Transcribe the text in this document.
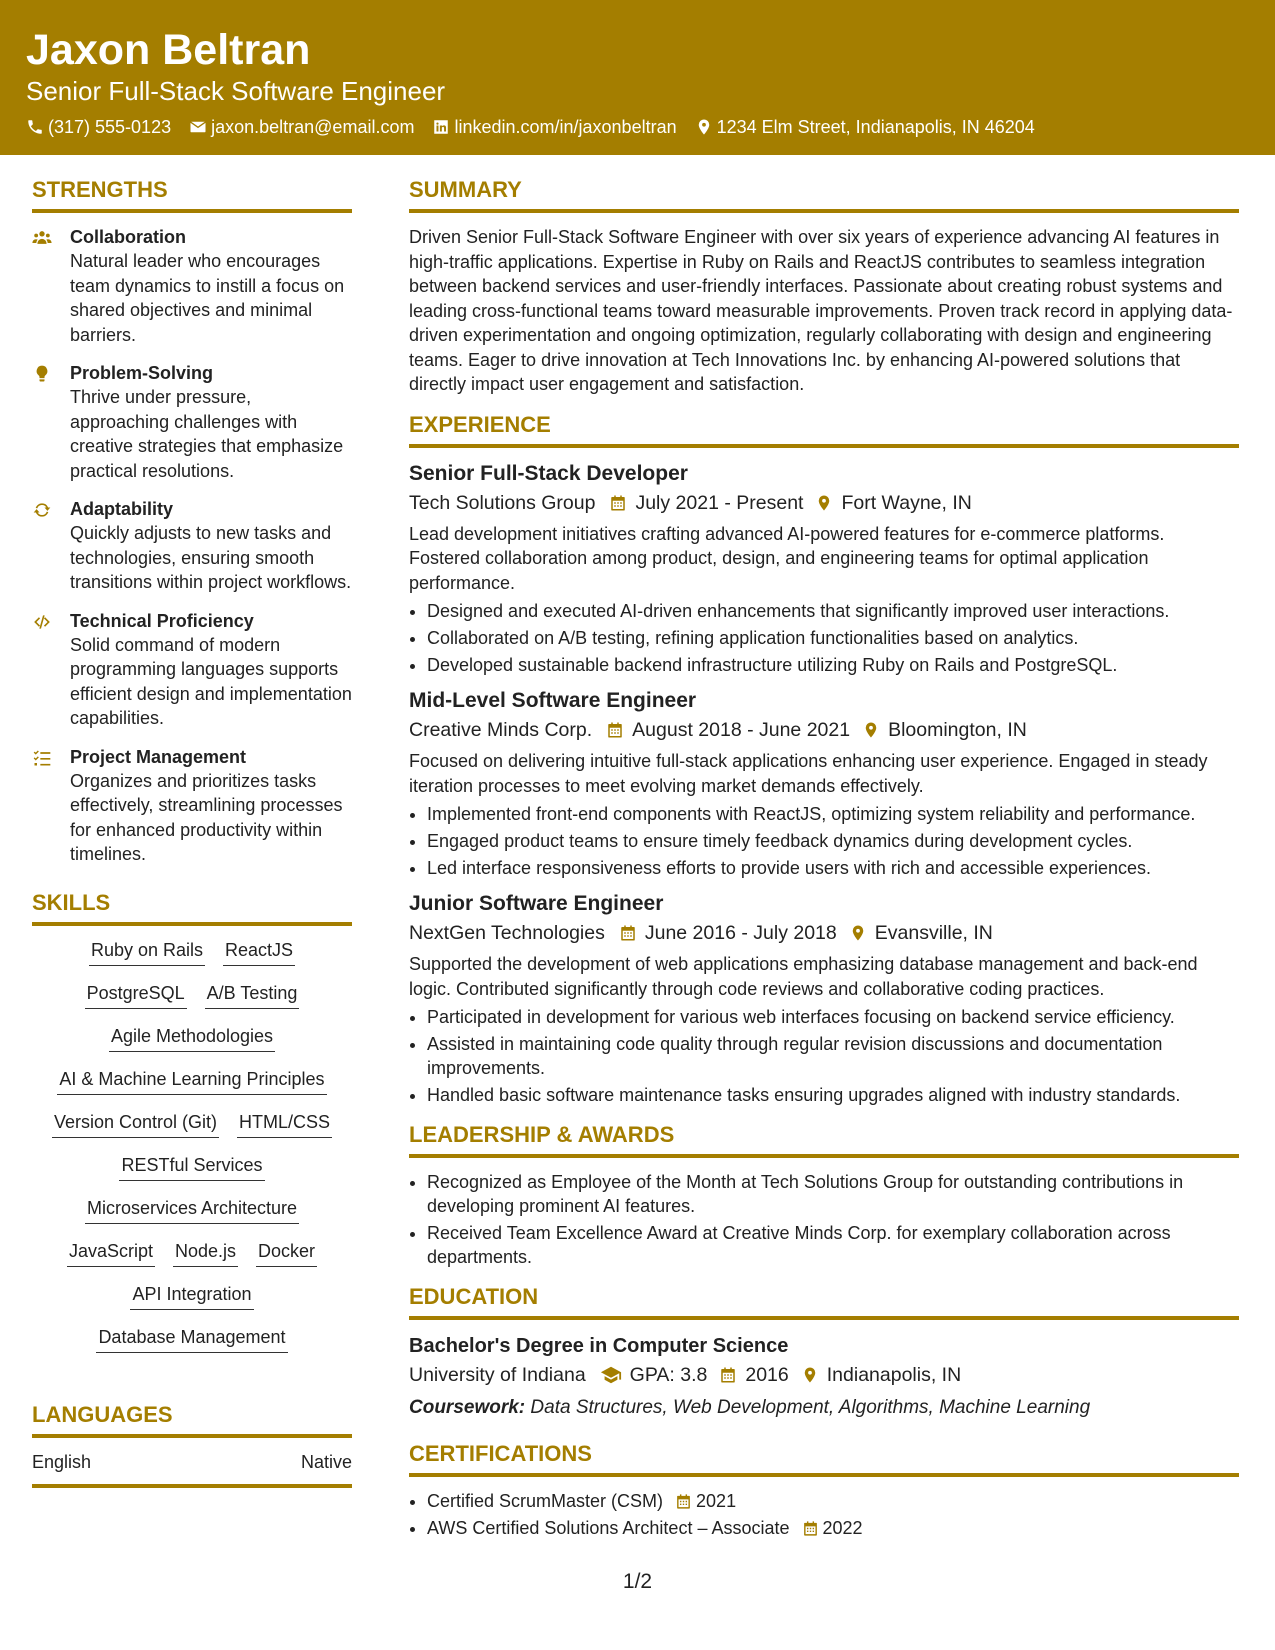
Jaxon Beltran
Senior Full-Stack Software Engineer
(317) 555-0123 jaxon.beltran@email.com linkedin.com/in/jaxonbeltran 1234 Elm Street, Indianapolis, IN 46204
STRENGTHS
Collaboration
Natural leader who encourages team dynamics to instill a focus on shared objectives and minimal barriers.
Problem-Solving
Thrive under pressure, approaching challenges with creative strategies that emphasize practical resolutions.
Adaptability
Quickly adjusts to new tasks and technologies, ensuring smooth transitions within project workflows.
Technical Proficiency
Solid command of modern programming languages supports efficient design and implementation capabilities.
Project Management
Organizes and prioritizes tasks effectively, streamlining processes for enhanced productivity within timelines.
SKILLS
Ruby on Rails ReactJS
PostgreSQL A/B Testing
Agile Methodologies
AI & Machine Learning Principles
Version Control (Git) HTML/CSS
RESTful Services
Microservices Architecture
JavaScript Node.js Docker
API Integration
Database Management
LANGUAGES
English	Native
SUMMARY

Driven Senior Full-Stack Software Engineer with over six years of experience advancing AI features in high-traffic applications. Expertise in Ruby on Rails and ReactJS contributes to seamless integration between backend services and user-friendly interfaces. Passionate about creating robust systems and leading cross-functional teams toward measurable improvements. Proven track record in applying data-driven experimentation and ongoing optimization, regularly collaborating with design and engineering teams. Eager to drive innovation at Tech Innovations Inc. by enhancing AI-powered solutions that directly impact user engagement and satisfaction.

EXPERIENCE
Senior Full-Stack Developer
Tech Solutions Group July 2021 - Present Fort Wayne, IN

Lead development initiatives crafting advanced AI-powered features for e-commerce platforms. Fostered collaboration among product, design, and engineering teams for optimal application performance.

• Designed and executed AI-driven enhancements that significantly improved user interactions.
• Collaborated on A/B testing, refining application functionalities based on analytics.
• Developed sustainable backend infrastructure utilizing Ruby on Rails and PostgreSQL.
Mid-Level Software Engineer
Creative Minds Corp. August 2018 - June 2021 Bloomington, IN

Focused on delivering intuitive full-stack applications enhancing user experience. Engaged in steady iteration processes to meet evolving market demands effectively.

• Implemented front-end components with ReactJS, optimizing system reliability and performance.
• Engaged product teams to ensure timely feedback dynamics during development cycles.
• Led interface responsiveness efforts to provide users with rich and accessible experiences.
Junior Software Engineer
NextGen Technologies June 2016 - July 2018 Evansville, IN

Supported the development of web applications emphasizing database management and back-end logic. Contributed significantly through code reviews and collaborative coding practices.

• Participated in development for various web interfaces focusing on backend service efficiency.
• Assisted in maintaining code quality through regular revision discussions and documentation improvements.
• Handled basic software maintenance tasks ensuring upgrades aligned with industry standards.
LEADERSHIP & AWARDS
• Recognized as Employee of the Month at Tech Solutions Group for outstanding contributions in developing prominent AI features.
• Received Team Excellence Award at Creative Minds Corp. for exemplary collaboration across departments.
EDUCATION
Bachelor's Degree in Computer Science
University of Indiana GPA: 3.8 2016 Indianapolis, IN
Coursework: Data Structures, Web Development, Algorithms, Machine Learning
CERTIFICATIONS
• Certified ScrumMaster (CSM) 2021
• AWS Certified Solutions Architect – Associate 2022
1/2
